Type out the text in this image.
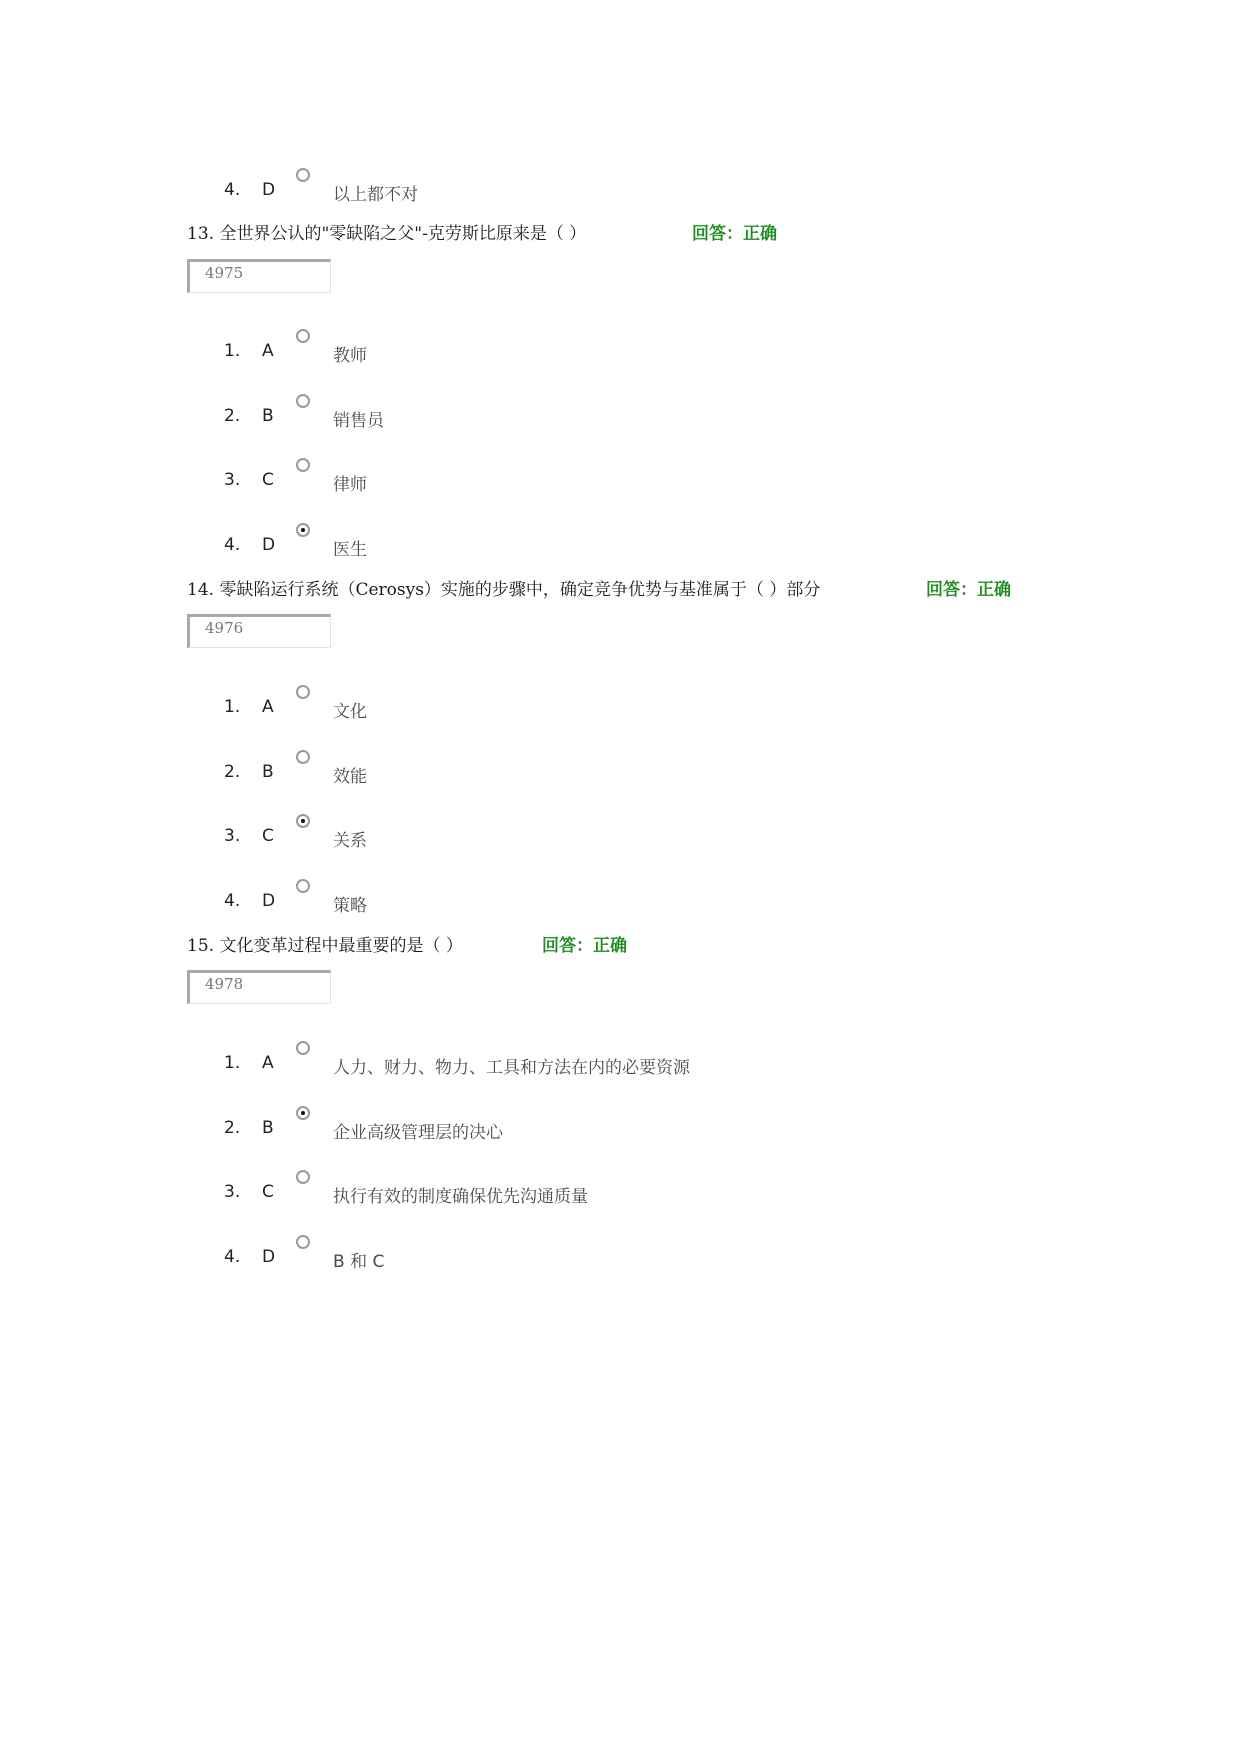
4. D	以上都不对
13. 全世界公认的"零缺陷之父"-克劳斯比原来是（ ）	回答：正确
4975
1. A	教师
2. B	销售员
3. C	律师
4. D	医生
14. 零缺陷运行系统（Cerosys）实施的步骤中，确定竞争优势与基准属于（ ）部分	回答：正确
4976
1. A	文化
2. B	效能
3. C	关系
4. D	策略
15. 文化变革过程中最重要的是（ ）	回答：正确
4978
1. A	人力、财力、物力、工具和方法在内的必要资源
2. B	企业高级管理层的决心
3. C	执行有效的制度确保优先沟通质量
4. D	B 和 C
